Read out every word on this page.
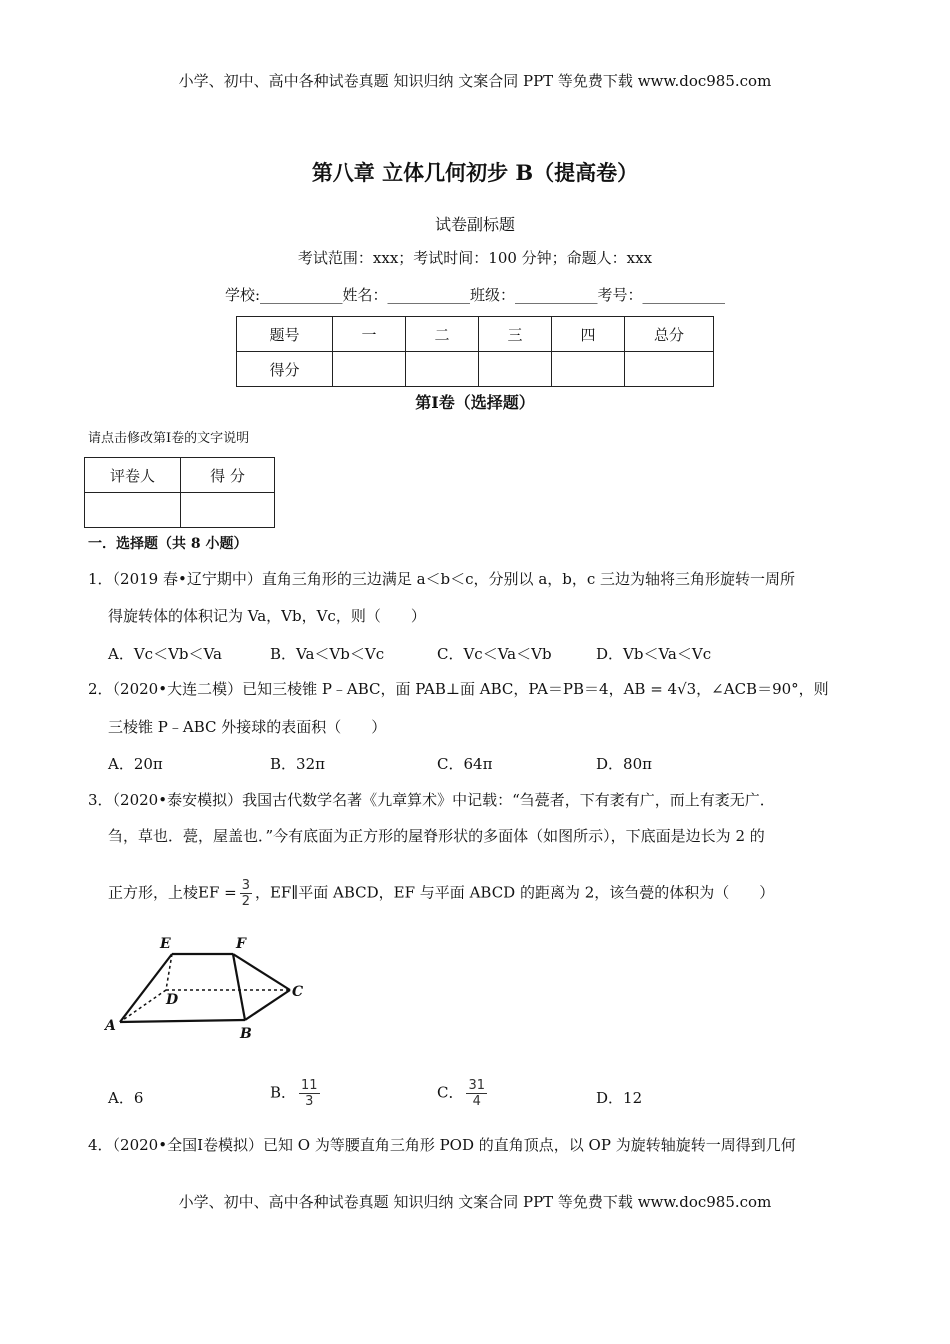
小学、初中、高中各种试卷真题 知识归纳 文案合同 PPT 等免费下载 www.doc985.com
第八章 立体几何初步 B（提高卷）
试卷副标题
考试范围：xxx；考试时间：100 分钟；命题人：xxx
学校:___________姓名：___________班级：___________考号：___________
题号	一	二	三	四	总分
得分					
第Ⅰ卷（选择题）
请点击修改第I卷的文字说明
评卷人	得 分

一．选择题（共 8 小题）
1．（2019 春•辽宁期中）直角三角形的三边满足 a＜b＜c，分别以 a，b，c 三边为轴将三角形旋转一周所
得旋转体的体积记为 Va，Vb，Vc，则（　　）
A．Vc＜Vb＜Va	B．Va＜Vb＜Vc	C．Vc＜Va＜Vb	D．Vb＜Va＜Vc
2．（2020•大连二模）已知三棱锥 P﹣ABC，面 PAB⊥面 ABC，PA＝PB＝4，AB = 4√3，∠ACB＝90°，则
三棱锥 P﹣ABC 外接球的表面积（　　）
A．20π	B．32π	C．64π	D．80π
3．（2020•泰安模拟）我国古代数学名著《九章算术》中记载：“刍甍者，下有袤有广，而上有袤无广．
刍，草也．甍，屋盖也．”今有底面为正方形的屋脊形状的多面体（如图所示），下底面是边长为 2 的
正方形，上棱EF = $\frac{3}{2}$ ，EF∥平面 ABCD，EF 与平面 ABCD 的距离为 2，该刍甍的体积为（　　）
E	F
D	C
A	B
A．6	B． $\frac{11}{3}$	C． $\frac{31}{4}$	D．12
4．（2020•全国Ⅰ卷模拟）已知 O 为等腰直角三角形 POD 的直角顶点，以 OP 为旋转轴旋转一周得到几何
小学、初中、高中各种试卷真题 知识归纳 文案合同 PPT 等免费下载 www.doc985.com
